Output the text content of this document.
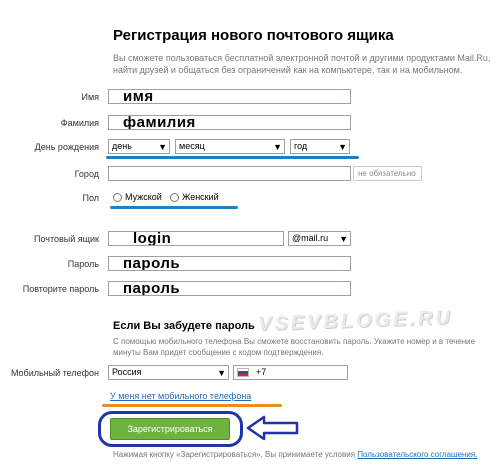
Регистрация нового почтового ящика
Вы сможете пользоваться бесплатной электронной почтой и другими продуктами Mail.Ru, найти друзей и общаться без ограничений как на компьютере, так и на мобильном.
Имя	имя
Фамилия	фамилия
День рождения	день	▼	месяц	▼	год	▼
Город	не обязательно
Пол	Мужской Женский
Почтовый ящик	login	@mail.ru ▼
Пароль	пароль
Повторите пароль	пароль
VSEVBLOGE.RU
Если Вы забудете пароль
С помощью мобильного телефона Вы сможете восстановить пароль. Укажите номер и в течение минуты Вам придет сообщение с кодом подтверждения.
Мобильный телефон	Россия	▼	+7
У меня нет мобильного телефона
Зарегистрироваться
Нажимая кнопку «Зарегистрироваться», Вы принимаете условия Пользовательского соглашения.
